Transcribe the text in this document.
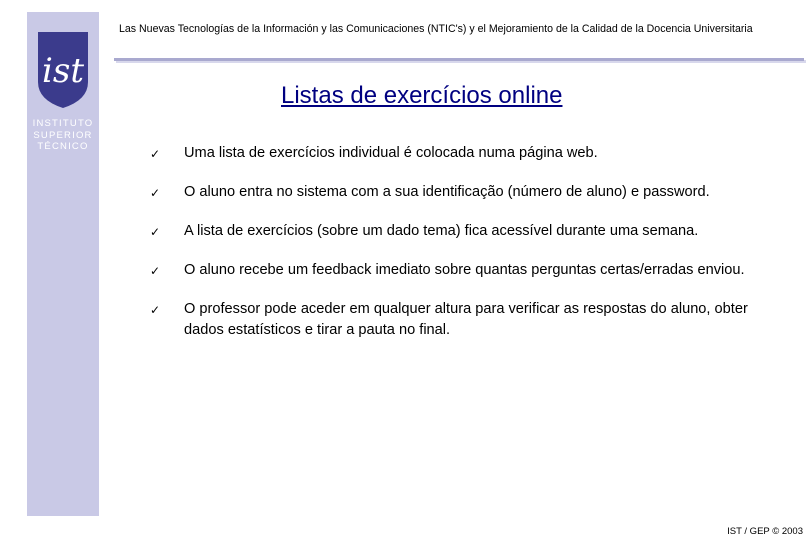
ist
INSTITUTO
SUPERIOR
TÉCNICO
Las Nuevas Tecnologías de la Información y las Comunicaciones (NTIC's) y el Mejoramiento de la Calidad de la Docencia Universitaria
Listas de exercícios online
✓ Uma lista de exercícios individual é colocada numa página web.
✓ O aluno entra no sistema com a sua identificação (número de aluno) e password.
✓ A lista de exercícios (sobre um dado tema) fica acessível durante uma semana.
✓ O aluno recebe um feedback imediato sobre quantas perguntas certas/erradas enviou.
✓ O professor pode aceder em qualquer altura para verificar as respostas do aluno, obter dados estatísticos e tirar a pauta no final.
IST / GEP © 2003
